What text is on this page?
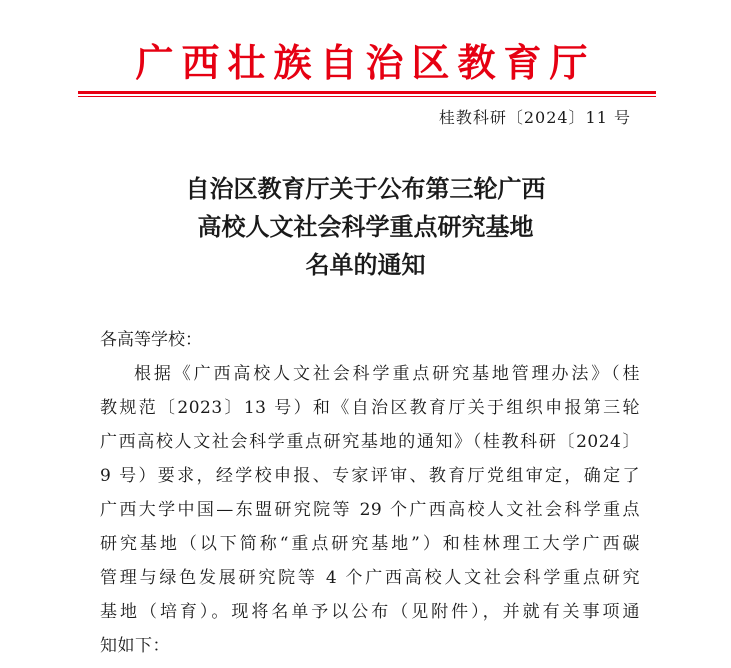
广西壮族自治区教育厅
桂教科研〔2024〕11 号
自治区教育厅关于公布第三轮广西
高校人文社会科学重点研究基地
名单的通知
各高等学校：
根据《广西高校人文社会科学重点研究基地管理办法》（桂
教规范〔2023〕13 号）和《自治区教育厅关于组织申报第三轮
广西高校人文社会科学重点研究基地的通知》（桂教科研〔2024〕
9 号）要求，经学校申报、专家评审、教育厅党组审定，确定了
广西大学中国—东盟研究院等 29 个广西高校人文社会科学重点
研究基地（以下简称“重点研究基地”）和桂林理工大学广西碳
管理与绿色发展研究院等 4 个广西高校人文社会科学重点研究
基地（培育）。现将名单予以公布（见附件），并就有关事项通
知如下：
